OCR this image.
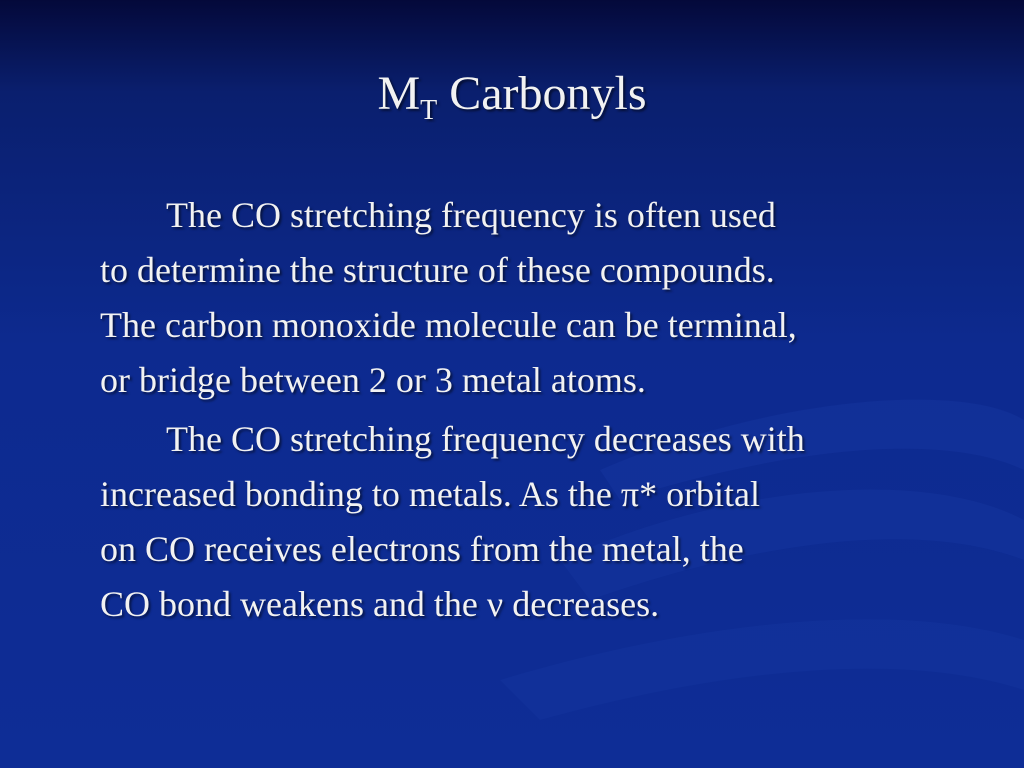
$M_T$ Carbonyls

The CO stretching frequency is often used
to determine the structure of these compounds.
The carbon monoxide molecule can be terminal,
or bridge between 2 or 3 metal atoms.

The CO stretching frequency decreases with
increased bonding to metals. As the π* orbital
on CO receives electrons from the metal, the
CO bond weakens and the ν decreases.
